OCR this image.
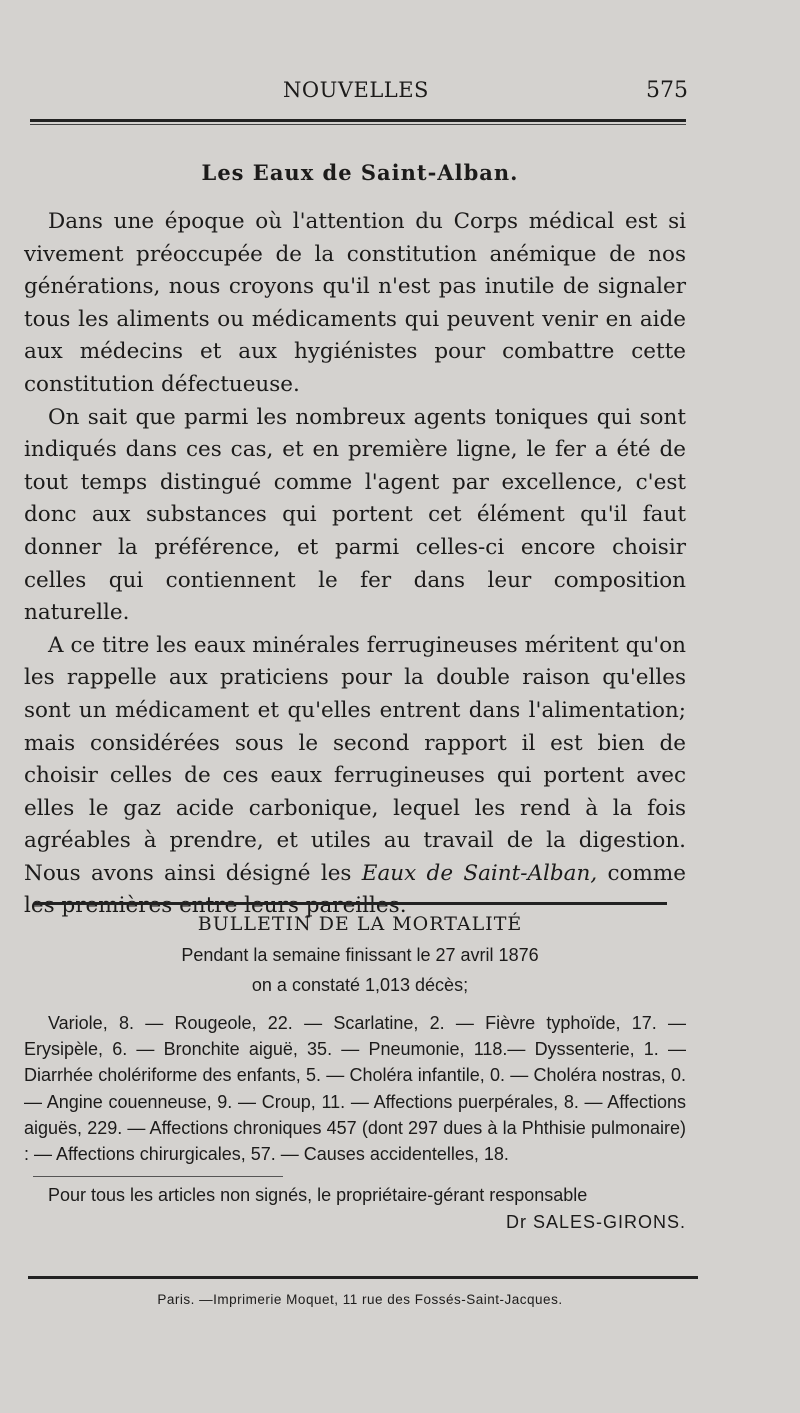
NOUVELLES	575
Les Eaux de Saint-Alban.

Dans une époque où l'attention du Corps médical est si vivement préoccupée de la constitution anémique de nos générations, nous croyons qu'il n'est pas inutile de signaler tous les aliments ou médicaments qui peuvent venir en aide aux médecins et aux hygiénistes pour combattre cette constitution défectueuse.

On sait que parmi les nombreux agents toniques qui sont indiqués dans ces cas, et en première ligne, le fer a été de tout temps distingué comme l'agent par excellence, c'est donc aux substances qui portent cet élément qu'il faut donner la préférence, et parmi celles-ci encore choisir celles qui contiennent le fer dans leur composition naturelle.

A ce titre les eaux minérales ferrugineuses méritent qu'on les rappelle aux praticiens pour la double raison qu'elles sont un médicament et qu'elles entrent dans l'alimentation; mais considérées sous le second rapport il est bien de choisir celles de ces eaux ferrugineuses qui portent avec elles le gaz acide carbonique, lequel les rend à la fois agréables à prendre, et utiles au travail de la digestion. Nous avons ainsi désigné les Eaux de Saint-Alban, comme les premières entre leurs pareilles.

BULLETIN DE LA MORTALITÉ
Pendant la semaine finissant le 27 avril 1876
on a constaté 1,013 décès;

Variole, 8. — Rougeole, 22. — Scarlatine, 2. — Fièvre typhoïde, 17. — Erysipèle, 6. — Bronchite aiguë, 35. — Pneumonie, 118.— Dyssenterie, 1. — Diarrhée cholériforme des enfants, 5. — Choléra infantile, 0. — Choléra nostras, 0. — Angine couenneuse, 9. — Croup, 11. — Affections puerpérales, 8. — Affections aiguës, 229. — Affections chroniques 457 (dont 297 dues à la Phthisie pulmonaire) : — Affections chirurgicales, 57. — Causes accidentelles, 18.

Pour tous les articles non signés, le propriétaire-gérant responsable
Dr SALES-GIRONS.
Paris. —Imprimerie Moquet, 11 rue des Fossés-Saint-Jacques.
